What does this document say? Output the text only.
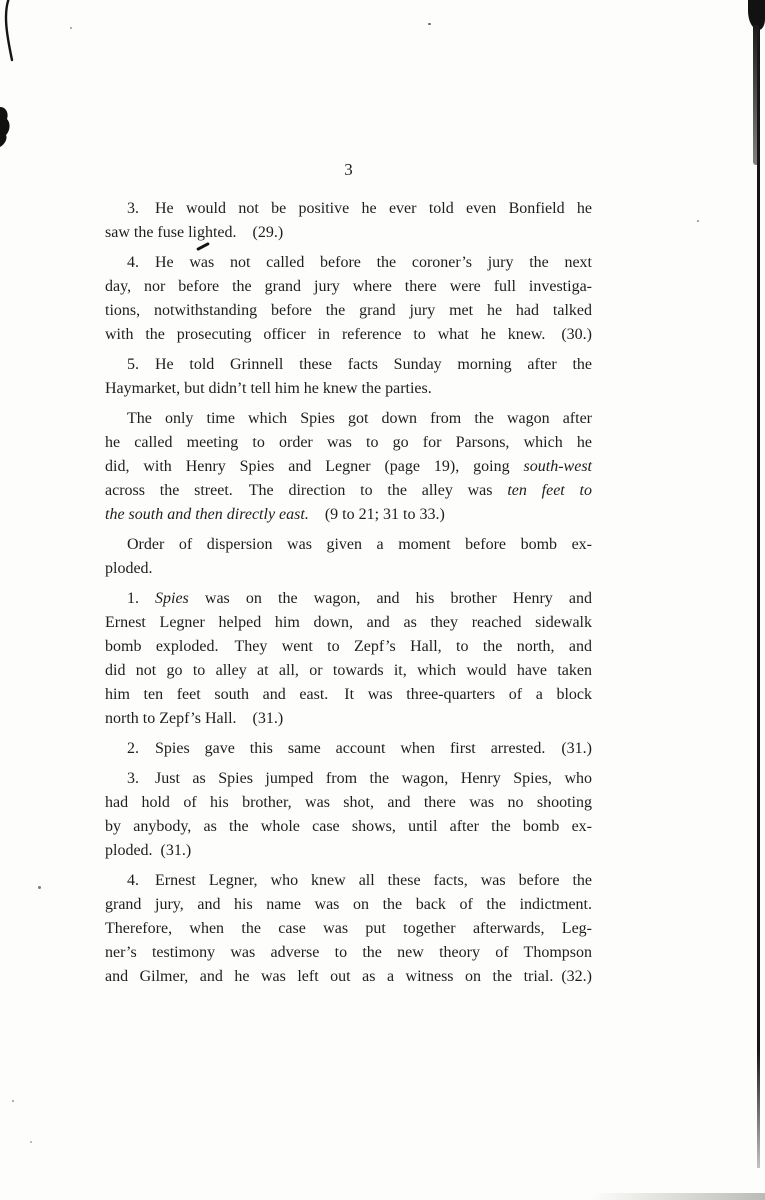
3
3.  He would not be positive he ever told even Bonfield he
saw the fuse lighted.  (29.)
4.  He was not called before the coroner’s jury the next
day, nor before the grand jury where there were full investiga-
tions, notwithstanding before the grand jury met he had talked
with the prosecuting officer in reference to what he knew.  (30.)
5.  He told Grinnell these facts Sunday morning after the
Haymarket, but didn’t tell him he knew the parties.
The only time which Spies got down from the wagon after
he called meeting to order was to go for Parsons, which he
did, with Henry Spies and Legner (page 19), going south-west
across the street.  The direction to the alley was ten feet to
the south and then directly east.  (9 to 21; 31 to 33.)
Order of dispersion was given a moment before bomb ex-
ploded.
1.  Spies was on the wagon, and his brother Henry and
Ernest Legner helped him down, and as they reached sidewalk
bomb exploded.  They went to Zepf’s Hall, to the north, and
did not go to alley at all, or towards it, which would have taken
him ten feet south and east.  It was three-quarters of a block
north to Zepf’s Hall.  (31.)
2.  Spies gave this same account when first arrested.  (31.)
3.  Just as Spies jumped from the wagon, Henry Spies, who
had hold of his brother, was shot, and there was no shooting
by anybody, as the whole case shows, until after the bomb ex-
ploded. (31.)
4.  Ernest Legner, who knew all these facts, was before the
grand jury, and his name was on the back of the indictment.
Therefore, when the case was put together afterwards, Leg-
ner’s testimony was adverse to the new theory of Thompson
and Gilmer, and he was left out as a witness on the trial. (32.)
